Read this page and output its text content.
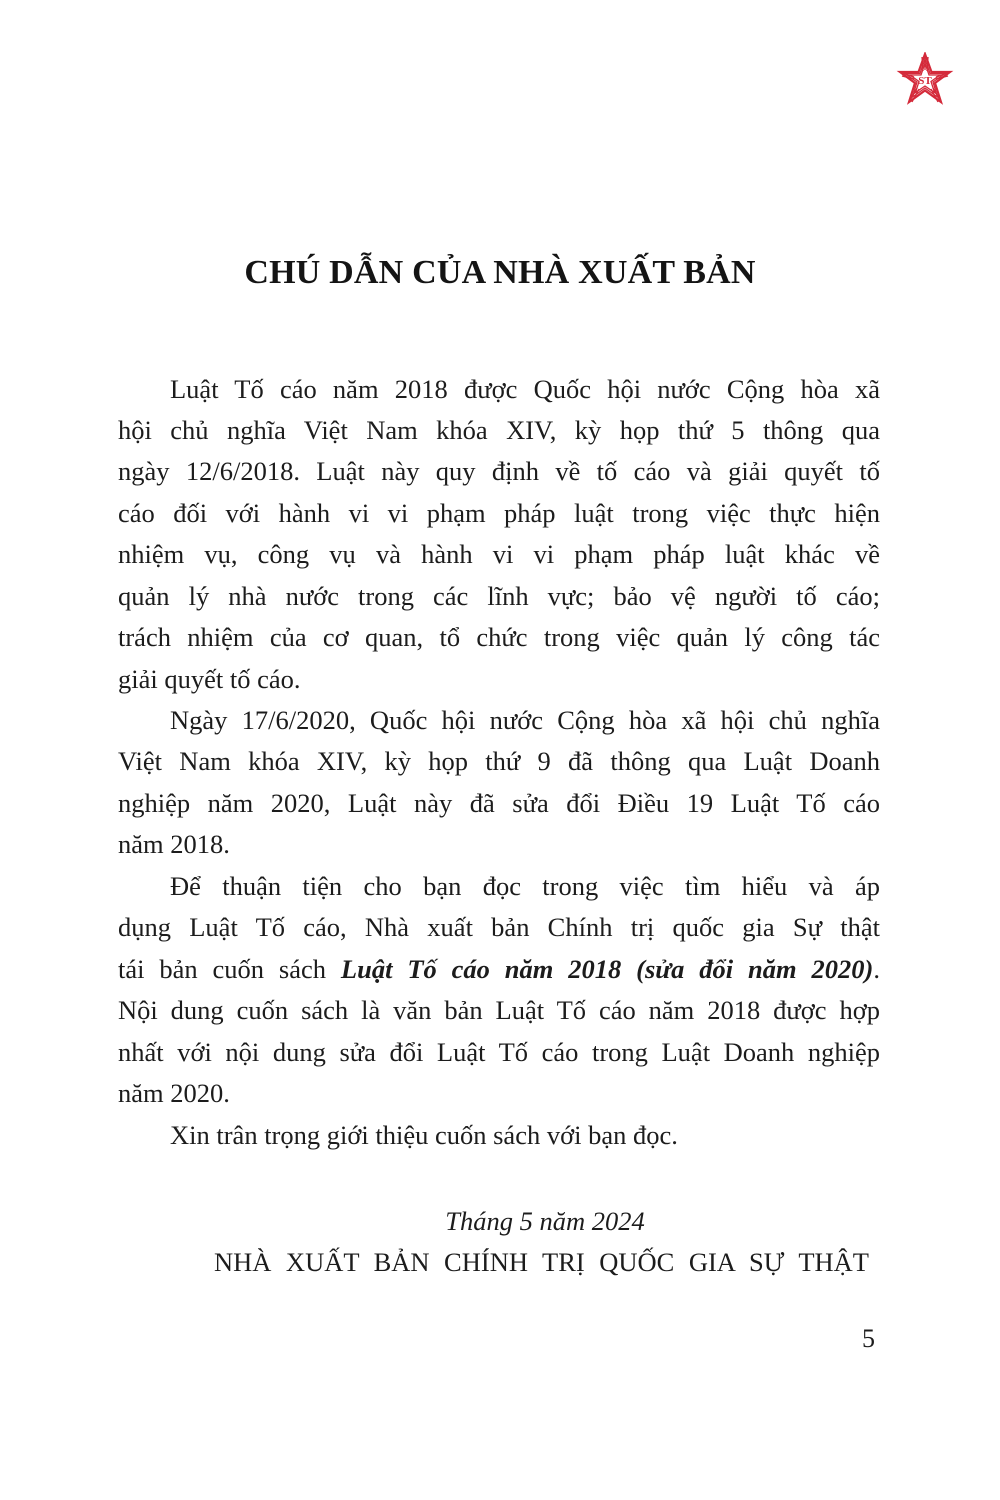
ST
CHÚ DẪN CỦA NHÀ XUẤT BẢN
Luật Tố cáo năm 2018 được Quốc hội nước Cộng hòa xã
hội chủ nghĩa Việt Nam khóa XIV, kỳ họp thứ 5 thông qua
ngày 12/6/2018. Luật này quy định về tố cáo và giải quyết tố
cáo đối với hành vi vi phạm pháp luật trong việc thực hiện
nhiệm vụ, công vụ và hành vi vi phạm pháp luật khác về
quản lý nhà nước trong các lĩnh vực; bảo vệ người tố cáo;
trách nhiệm của cơ quan, tổ chức trong việc quản lý công tác
giải quyết tố cáo.
Ngày 17/6/2020, Quốc hội nước Cộng hòa xã hội chủ nghĩa
Việt Nam khóa XIV, kỳ họp thứ 9 đã thông qua Luật Doanh
nghiệp năm 2020, Luật này đã sửa đổi Điều 19 Luật Tố cáo
năm 2018.
Để thuận tiện cho bạn đọc trong việc tìm hiểu và áp
dụng Luật Tố cáo, Nhà xuất bản Chính trị quốc gia Sự thật
tái bản cuốn sách Luật Tố cáo năm 2018 (sửa đổi năm 2020).
Nội dung cuốn sách là văn bản Luật Tố cáo năm 2018 được hợp
nhất với nội dung sửa đổi Luật Tố cáo trong Luật Doanh nghiệp
năm 2020.
Xin trân trọng giới thiệu cuốn sách với bạn đọc.
Tháng 5 năm 2024
NHÀ XUẤT BẢN CHÍNH TRỊ QUỐC GIA SỰ THẬT
5
